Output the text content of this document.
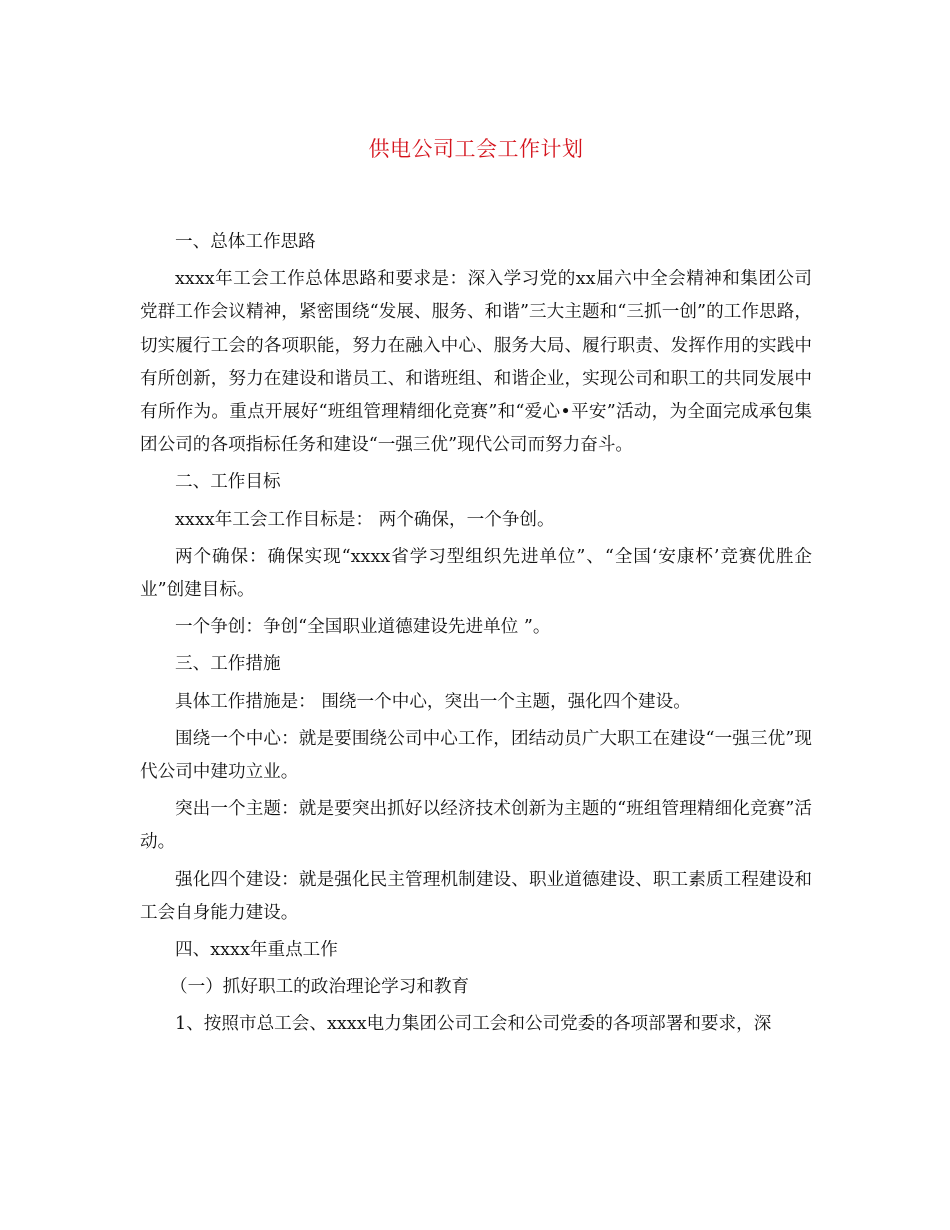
供电公司工会工作计划

一、总体工作思路

xxxx年工会工作总体思路和要求是：深入学习党的xx届六中全会精神和集团公司党群工作会议精神，紧密围绕“发展、服务、和谐”三大主题和“三抓一创”的工作思路，切实履行工会的各项职能，努力在融入中心、服务大局、履行职责、发挥作用的实践中有所创新，努力在建设和谐员工、和谐班组、和谐企业，实现公司和职工的共同发展中有所作为。重点开展好“班组管理精细化竞赛”和“爱心•平安”活动，为全面完成承包集团公司的各项指标任务和建设“一强三优”现代公司而努力奋斗。

二、工作目标

xxxx年工会工作目标是： 两个确保，一个争创。

两个确保：确保实现“xxxx省学习型组织先进单位”、“全国‘安康杯’竞赛优胜企业”创建目标。

一个争创：争创“全国职业道德建设先进单位 ”。

三、工作措施

具体工作措施是： 围绕一个中心，突出一个主题，强化四个建设。

围绕一个中心：就是要围绕公司中心工作，团结动员广大职工在建设“一强三优”现代公司中建功立业。

突出一个主题：就是要突出抓好以经济技术创新为主题的“班组管理精细化竞赛”活动。

强化四个建设：就是强化民主管理机制建设、职业道德建设、职工素质工程建设和工会自身能力建设。

四、xxxx年重点工作

（一）抓好职工的政治理论学习和教育

1、按照市总工会、xxxx电力集团公司工会和公司党委的各项部署和要求，深
